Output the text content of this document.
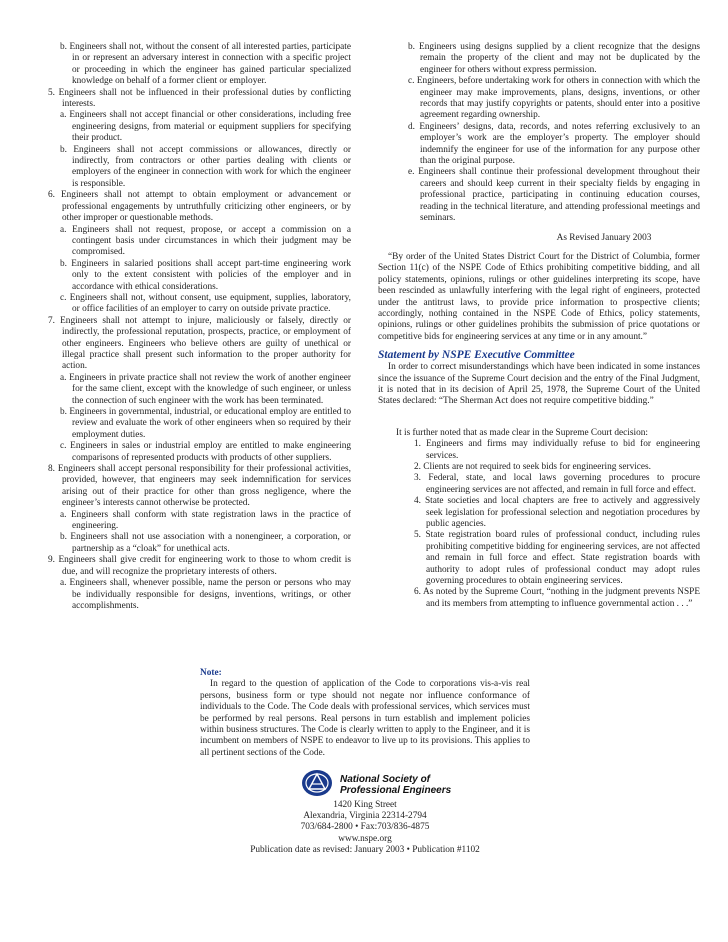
b. Engineers shall not, without the consent of all interested parties, participate in or represent an adversary interest in connection with a specific project or proceeding in which the engineer has gained particular specialized knowledge on behalf of a former client or employer.

5. Engineers shall not be influenced in their professional duties by conflicting interests.

a. Engineers shall not accept financial or other considerations, including free engineering designs, from material or equipment suppliers for specifying their product.

b. Engineers shall not accept commissions or allowances, directly or indirectly, from contractors or other parties dealing with clients or employers of the engineer in connection with work for which the engineer is responsible.

6. Engineers shall not attempt to obtain employment or advancement or professional engagements by untruthfully criticizing other engineers, or by other improper or questionable methods.

a. Engineers shall not request, propose, or accept a commission on a contingent basis under circumstances in which their judgment may be compromised.

b. Engineers in salaried positions shall accept part-time engineering work only to the extent consistent with policies of the employer and in accordance with ethical considerations.

c. Engineers shall not, without consent, use equipment, supplies, laboratory, or office facilities of an employer to carry on outside private practice.

7. Engineers shall not attempt to injure, maliciously or falsely, directly or indirectly, the professional reputation, prospects, practice, or employment of other engineers. Engineers who believe others are guilty of unethical or illegal practice shall present such information to the proper authority for action.

a. Engineers in private practice shall not review the work of another engineer for the same client, except with the knowledge of such engineer, or unless the connection of such engineer with the work has been terminated.

b. Engineers in governmental, industrial, or educational employ are entitled to review and evaluate the work of other engineers when so required by their employment duties.

c. Engineers in sales or industrial employ are entitled to make engineering comparisons of represented products with products of other suppliers.

8. Engineers shall accept personal responsibility for their professional activities, provided, however, that engineers may seek indemnification for services arising out of their practice for other than gross negligence, where the engineer’s interests cannot otherwise be protected.

a. Engineers shall conform with state registration laws in the practice of engineering.

b. Engineers shall not use association with a nonengineer, a corporation, or partnership as a “cloak” for unethical acts.

9. Engineers shall give credit for engineering work to those to whom credit is due, and will recognize the proprietary interests of others.

a. Engineers shall, whenever possible, name the person or persons who may be individually responsible for designs, inventions, writings, or other accomplishments.

b. Engineers using designs supplied by a client recognize that the designs remain the property of the client and may not be duplicated by the engineer for others without express permission.

c. Engineers, before undertaking work for others in connection with which the engineer may make improvements, plans, designs, inventions, or other records that may justify copyrights or patents, should enter into a positive agreement regarding ownership.

d. Engineers’ designs, data, records, and notes referring exclusively to an employer’s work are the employer’s property. The employer should indemnify the engineer for use of the information for any purpose other than the original purpose.

e. Engineers shall continue their professional development throughout their careers and should keep current in their specialty fields by engaging in professional practice, participating in continuing education courses, reading in the technical literature, and attending professional meetings and seminars.

As Revised January 2003

“By order of the United States District Court for the District of Columbia, former Section 11(c) of the NSPE Code of Ethics prohibiting competitive bidding, and all policy statements, opinions, rulings or other guidelines interpreting its scope, have been rescinded as unlawfully interfering with the legal right of engineers, protected under the antitrust laws, to provide price information to prospective clients; accordingly, nothing contained in the NSPE Code of Ethics, policy statements, opinions, rulings or other guidelines prohibits the submission of price quotations or competitive bids for engineering services at any time or in any amount.”

Statement by NSPE Executive Committee

In order to correct misunderstandings which have been indicated in some instances since the issuance of the Supreme Court decision and the entry of the Final Judgment, it is noted that in its decision of April 25, 1978, the Supreme Court of the United States declared: “The Sherman Act does not require competitive bidding.”

It is further noted that as made clear in the Supreme Court decision:

1. Engineers and firms may individually refuse to bid for engineering services.

2. Clients are not required to seek bids for engineering services.

3. Federal, state, and local laws governing procedures to procure engineering services are not affected, and remain in full force and effect.

4. State societies and local chapters are free to actively and aggressively seek legislation for professional selection and negotiation procedures by public agencies.

5. State registration board rules of professional conduct, including rules prohibiting competitive bidding for engineering services, are not affected and remain in full force and effect. State registration boards with authority to adopt rules of professional conduct may adopt rules governing procedures to obtain engineering services.

6. As noted by the Supreme Court, “nothing in the judgment prevents NSPE and its members from attempting to influence governmental action . . .”

Note:

In regard to the question of application of the Code to corporations vis-a-vis real persons, business form or type should not negate nor influence conformance of individuals to the Code. The Code deals with professional services, which services must be performed by real persons. Real persons in turn establish and implement policies within business structures. The Code is clearly written to apply to the Engineer, and it is incumbent on members of NSPE to endeavor to live up to its provisions. This applies to all pertinent sections of the Code.

National Society of
Professional Engineers
1420 King Street
Alexandria, Virginia 22314-2794
703/684-2800 • Fax:703/836-4875
www.nspe.org
Publication date as revised: January 2003 • Publication #1102
